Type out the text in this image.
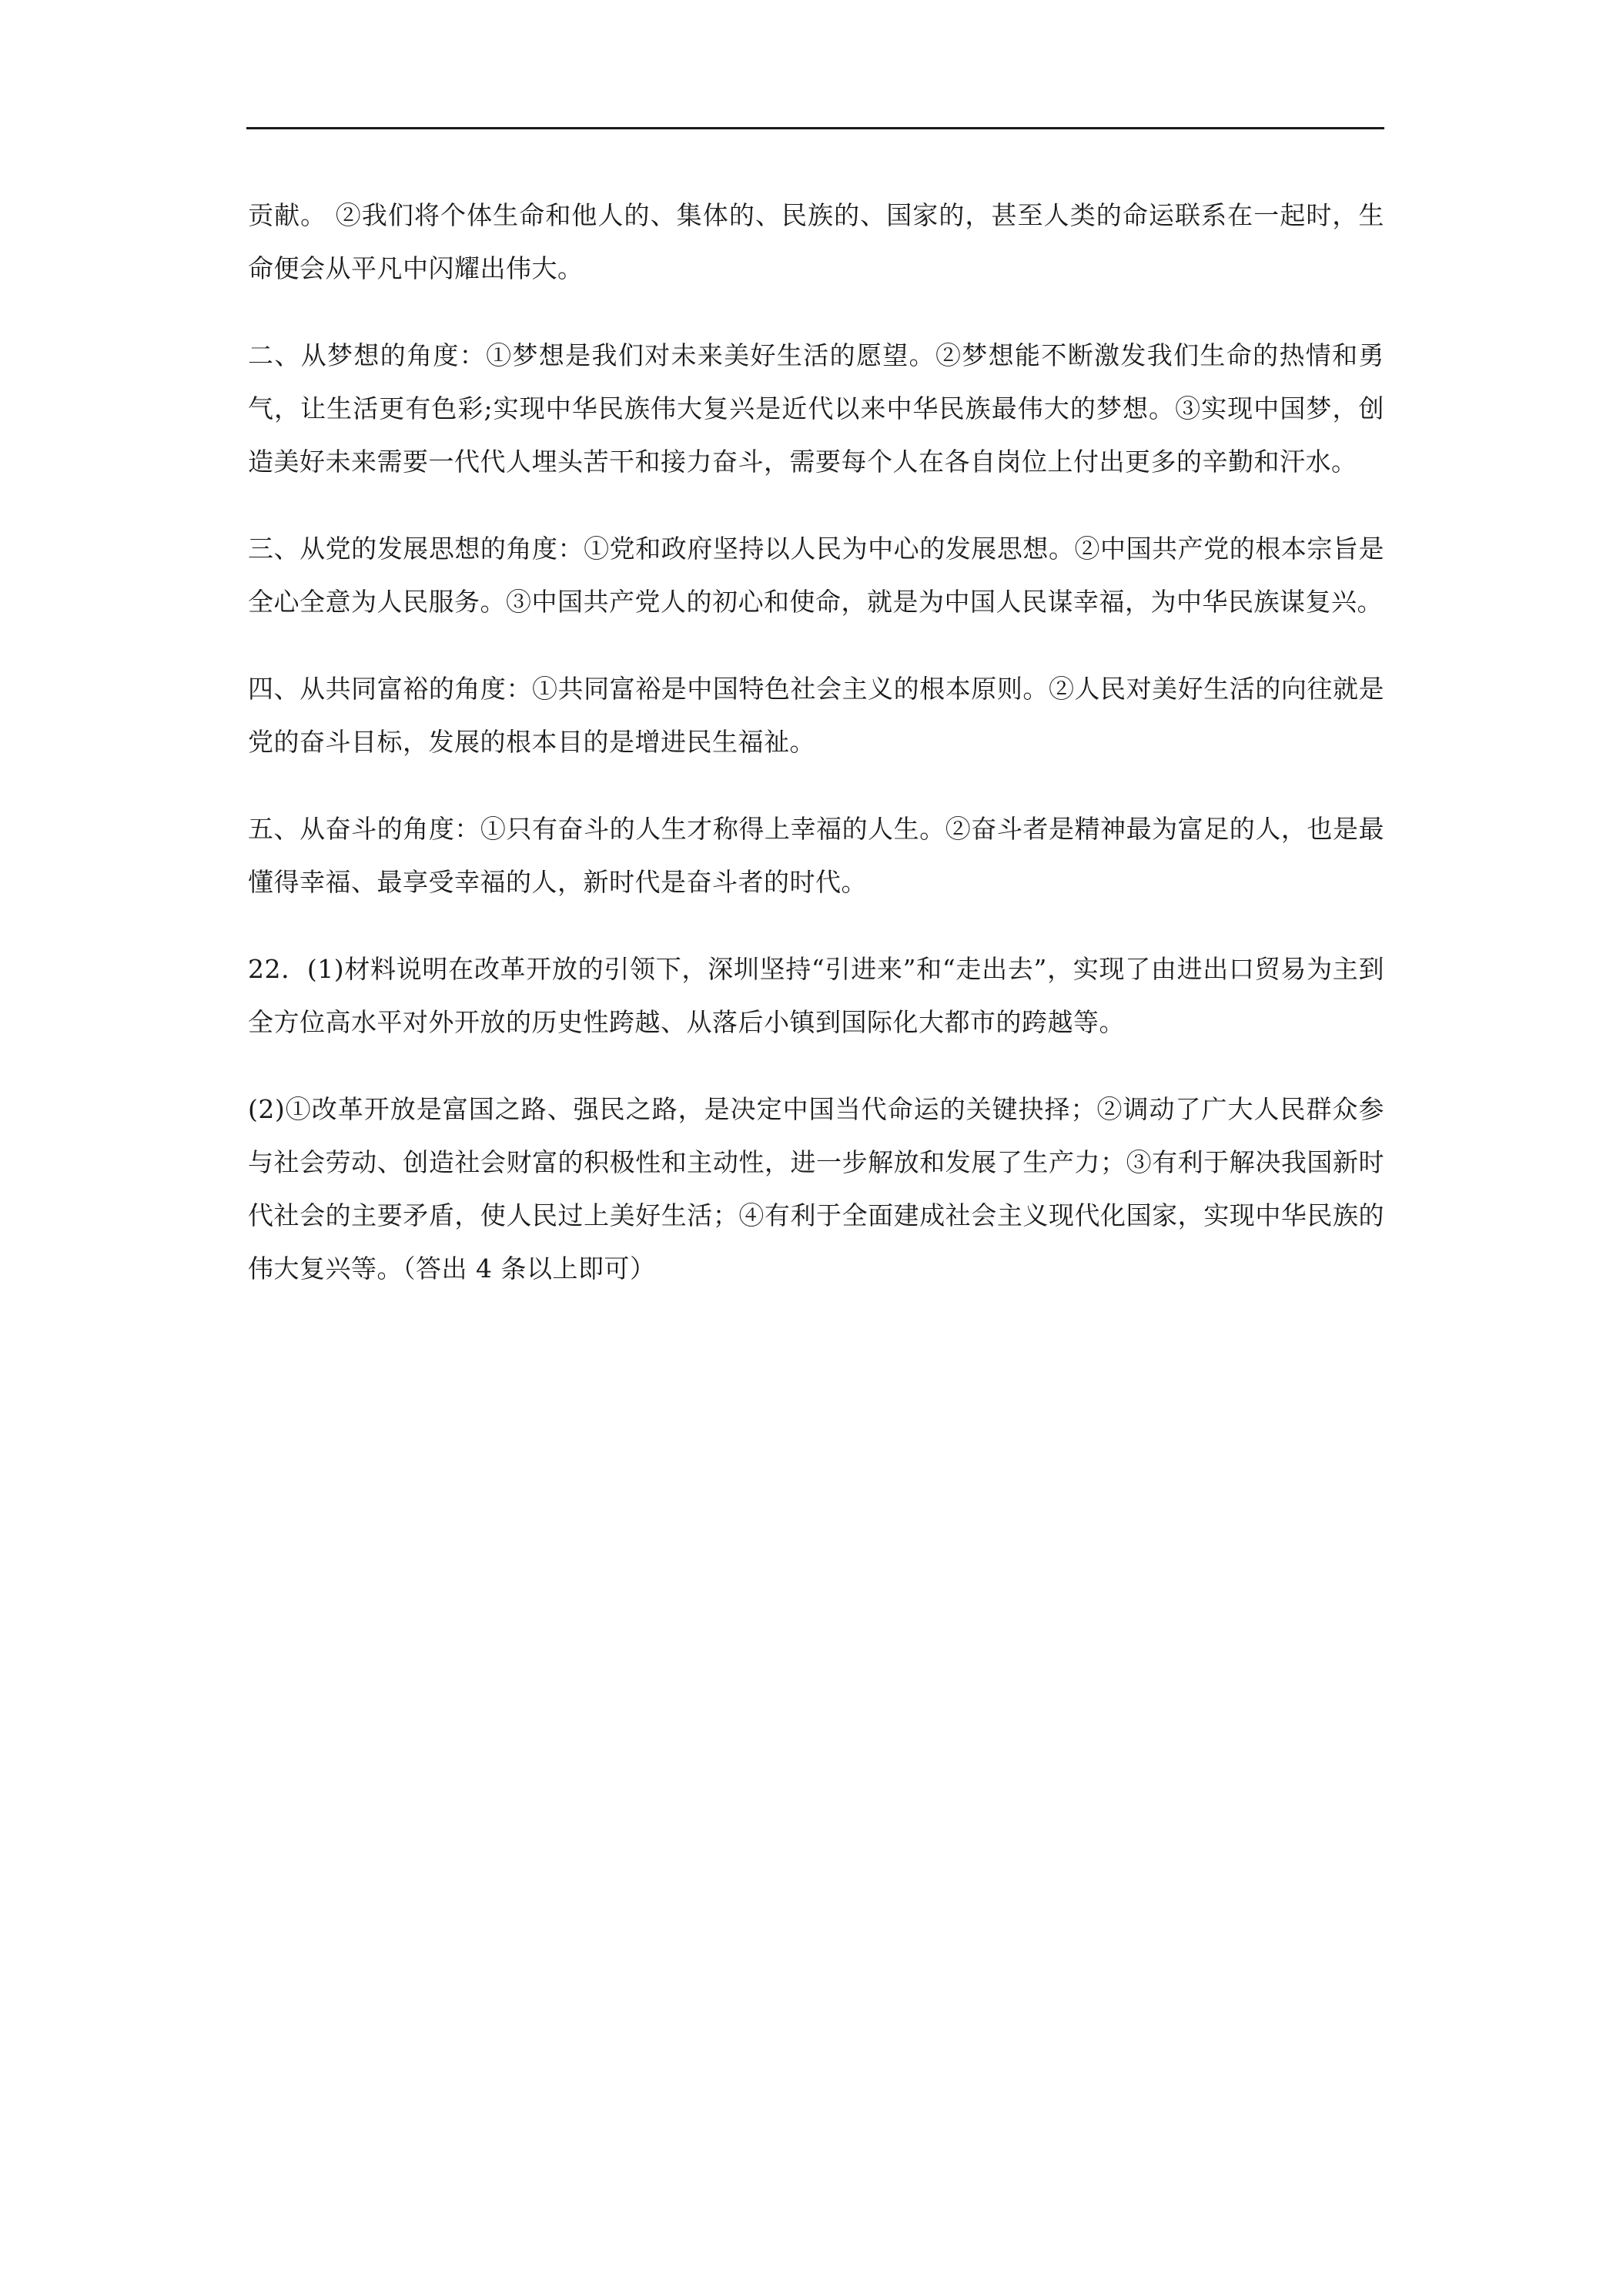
贡献。 ②我们将个体生命和他人的、集体的、民族的、国家的，甚至人类的命运联系在一起时，生命便会从平凡中闪耀出伟大。

二、从梦想的角度：①梦想是我们对未来美好生活的愿望。②梦想能不断激发我们生命的热情和勇气，让生活更有色彩;实现中华民族伟大复兴是近代以来中华民族最伟大的梦想。③实现中国梦，创造美好未来需要一代代人埋头苦干和接力奋斗，需要每个人在各自岗位上付出更多的辛勤和汗水。

三、从党的发展思想的角度：①党和政府坚持以人民为中心的发展思想。②中国共产党的根本宗旨是全心全意为人民服务。③中国共产党人的初心和使命，就是为中国人民谋幸福，为中华民族谋复兴。

四、从共同富裕的角度：①共同富裕是中国特色社会主义的根本原则。②人民对美好生活的向往就是党的奋斗目标，发展的根本目的是增进民生福祉。

五、从奋斗的角度：①只有奋斗的人生才称得上幸福的人生。②奋斗者是精神最为富足的人，也是最懂得幸福、最享受幸福的人，新时代是奋斗者的时代。

22．(1)材料说明在改革开放的引领下，深圳坚持“引进来”和“走出去”，实现了由进出口贸易为主到全方位高水平对外开放的历史性跨越、从落后小镇到国际化大都市的跨越等。

(2)①改革开放是富国之路、强民之路，是决定中国当代命运的关键抉择；②调动了广大人民群众参与社会劳动、创造社会财富的积极性和主动性，进一步解放和发展了生产力；③有利于解决我国新时代社会的主要矛盾，使人民过上美好生活；④有利于全面建成社会主义现代化国家，实现中华民族的伟大复兴等。（答出 4 条以上即可）
